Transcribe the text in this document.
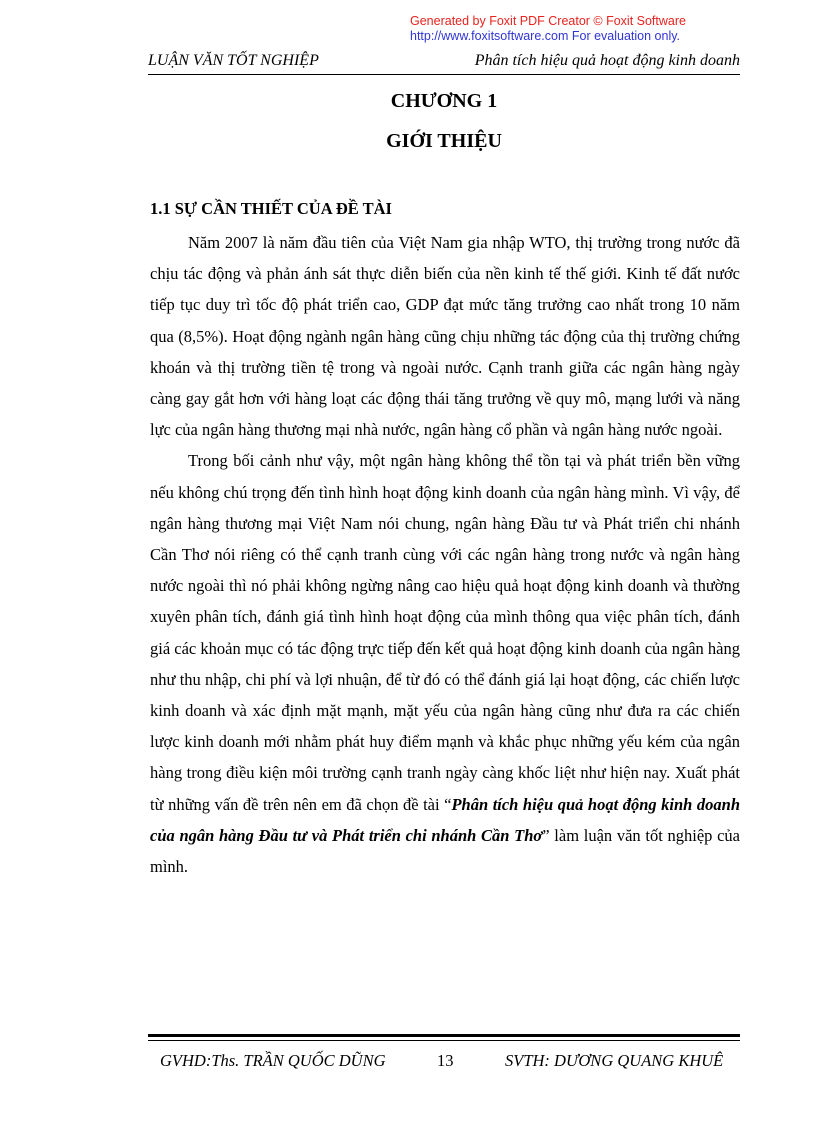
Generated by Foxit PDF Creator © Foxit Software
http://www.foxitsoftware.com For evaluation only.
LUẬN VĂN TỐT NGHIỆP	Phân tích hiệu quả hoạt động kinh doanh
CHƯƠNG 1
GIỚI THIỆU
1.1 SỰ CẦN THIẾT CỦA ĐỀ TÀI

Năm 2007 là năm đầu tiên của Việt Nam gia nhập WTO, thị trường trong nước đã chịu tác động và phản ánh sát thực diễn biến của nền kinh tế thế giới. Kinh tế đất nước tiếp tục duy trì tốc độ phát triển cao, GDP đạt mức tăng trưởng cao nhất trong 10 năm qua (8,5%). Hoạt động ngành ngân hàng cũng chịu những tác động của thị trường chứng khoán và thị trường tiền tệ trong và ngoài nước. Cạnh tranh giữa các ngân hàng ngày càng gay gắt hơn với hàng loạt các động thái tăng trưởng về quy mô, mạng lưới và năng lực của ngân hàng thương mại nhà nước, ngân hàng cổ phần và ngân hàng nước ngoài.

Trong bối cảnh như vậy, một ngân hàng không thể tồn tại và phát triển bền vững nếu không chú trọng đến tình hình hoạt động kinh doanh của ngân hàng mình. Vì vậy, để ngân hàng thương mại Việt Nam nói chung, ngân hàng Đầu tư và Phát triển chi nhánh Cần Thơ nói riêng có thể cạnh tranh cùng với các ngân hàng trong nước và ngân hàng nước ngoài thì nó phải không ngừng nâng cao hiệu quả hoạt động kinh doanh và thường xuyên phân tích, đánh giá tình hình hoạt động của mình thông qua việc phân tích, đánh giá các khoản mục có tác động trực tiếp đến kết quả hoạt động kinh doanh của ngân hàng như thu nhập, chi phí và lợi nhuận, để từ đó có thể đánh giá lại hoạt động, các chiến lược kinh doanh và xác định mặt mạnh, mặt yếu của ngân hàng cũng như đưa ra các chiến lược kinh doanh mới nhằm phát huy điểm mạnh và khắc phục những yếu kém của ngân hàng trong điều kiện môi trường cạnh tranh ngày càng khốc liệt như hiện nay. Xuất phát từ những vấn đề trên nên em đã chọn đề tài “Phân tích hiệu quả hoạt động kinh doanh của ngân hàng Đầu tư và Phát triển chi nhánh Cần Thơ” làm luận văn tốt nghiệp của mình.

GVHD:Ths. TRẦN QUỐC DŨNG	13	SVTH: DƯƠNG QUANG KHUÊ
